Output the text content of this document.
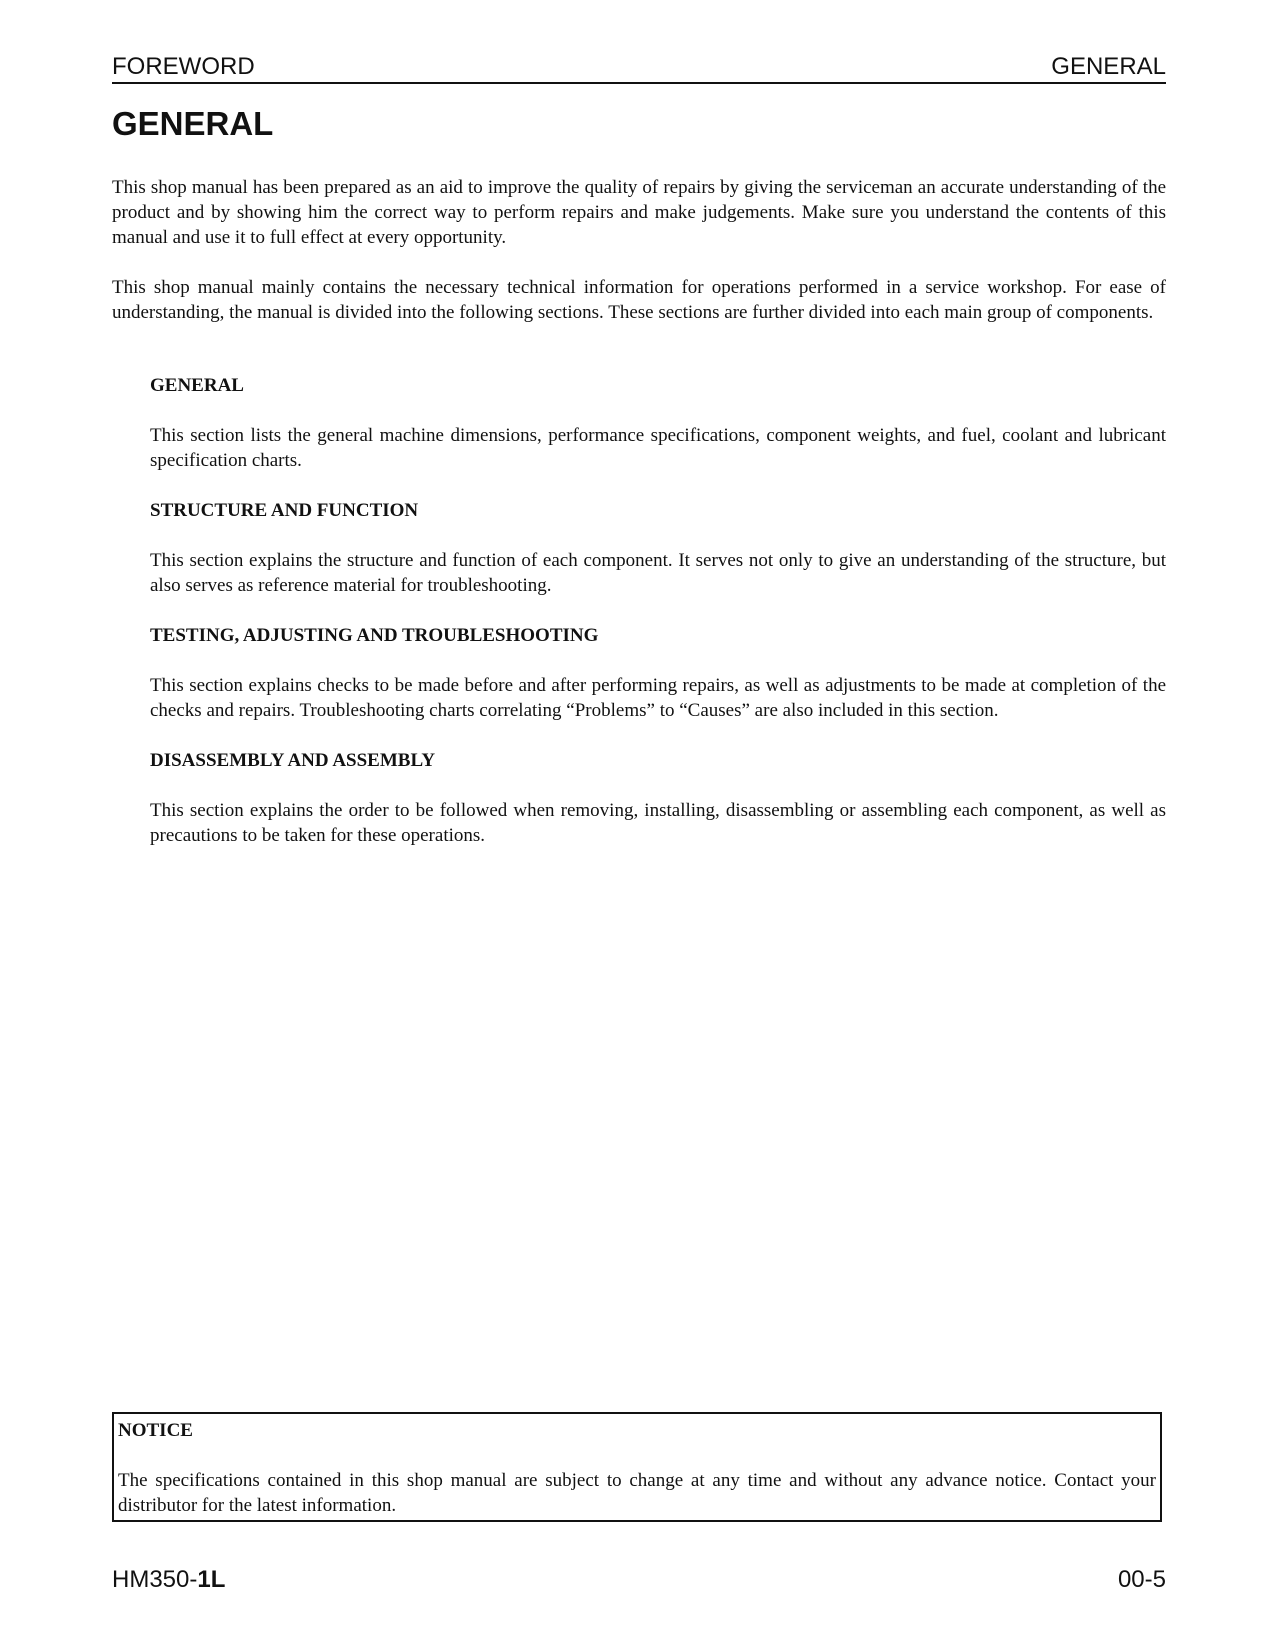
FOREWORD	GENERAL
GENERAL

This shop manual has been prepared as an aid to improve the quality of repairs by giving the serviceman an accurate understanding of the product and by showing him the correct way to perform repairs and make judgements. Make sure you understand the contents of this manual and use it to full effect at every opportunity.

This shop manual mainly contains the necessary technical information for operations performed in a service workshop. For ease of understanding, the manual is divided into the following sections. These sections are further divided into each main group of components.

GENERAL

This section lists the general machine dimensions, performance specifications, component weights, and fuel, coolant and lubricant specification charts.

STRUCTURE AND FUNCTION

This section explains the structure and function of each component. It serves not only to give an understanding of the structure, but also serves as reference material for troubleshooting.

TESTING, ADJUSTING AND TROUBLESHOOTING

This section explains checks to be made before and after performing repairs, as well as adjustments to be made at completion of the checks and repairs. Troubleshooting charts correlating “Problems” to “Causes” are also included in this section.

DISASSEMBLY AND ASSEMBLY

This section explains the order to be followed when removing, installing, disassembling or assembling each component, as well as precautions to be taken for these operations.

NOTICE

The specifications contained in this shop manual are subject to change at any time and without any advance notice. Contact your distributor for the latest information.

HM350-1L	00-5
